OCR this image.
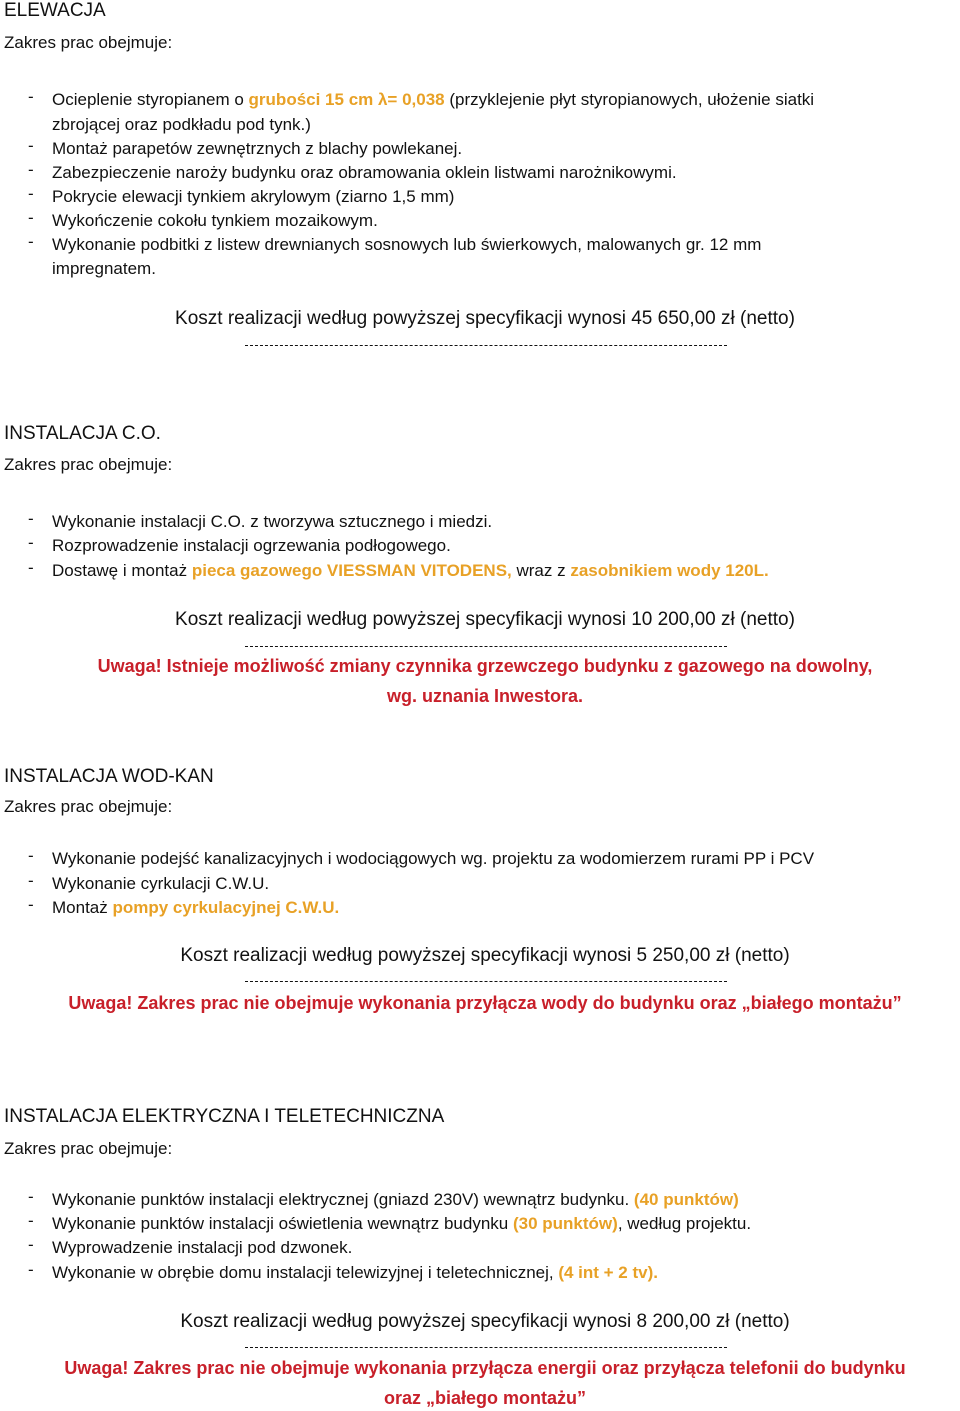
ELEWACJA
Zakres prac obejmuje:
- Ocieplenie styropianem o grubości 15 cm λ= 0,038 (przyklejenie płyt styropianowych, ułożenie siatki
zbrojącej oraz podkładu pod tynk.)
- Montaż parapetów zewnętrznych z blachy powlekanej.
- Zabezpieczenie naroży budynku oraz obramowania oklein listwami narożnikowymi.
- Pokrycie elewacji tynkiem akrylowym (ziarno 1,5 mm)
- Wykończenie cokołu tynkiem mozaikowym.
- Wykonanie podbitki z listew drewnianych sosnowych lub świerkowych, malowanych gr. 12 mm
impregnatem.
Koszt realizacji według powyższej specyfikacji wynosi 45 650,00 zł (netto)
INSTALACJA C.O.
Zakres prac obejmuje:
- Wykonanie instalacji C.O. z tworzywa sztucznego i miedzi.
- Rozprowadzenie instalacji ogrzewania podłogowego.
- Dostawę i montaż pieca gazowego VIESSMAN VITODENS, wraz z zasobnikiem wody 120L.
Koszt realizacji według powyższej specyfikacji wynosi 10 200,00 zł (netto)
Uwaga! Istnieje możliwość zmiany czynnika grzewczego budynku z gazowego na dowolny,
wg. uznania Inwestora.
INSTALACJA WOD-KAN
Zakres prac obejmuje:
- Wykonanie podejść kanalizacyjnych i wodociągowych wg. projektu za wodomierzem rurami PP i PCV
- Wykonanie cyrkulacji C.W.U.
- Montaż pompy cyrkulacyjnej C.W.U.
Koszt realizacji według powyższej specyfikacji wynosi 5 250,00 zł (netto)
Uwaga! Zakres prac nie obejmuje wykonania przyłącza wody do budynku oraz „białego montażu”
INSTALACJA ELEKTRYCZNA I TELETECHNICZNA
Zakres prac obejmuje:
- Wykonanie punktów instalacji elektrycznej (gniazd 230V) wewnątrz budynku. (40 punktów)
- Wykonanie punktów instalacji oświetlenia wewnątrz budynku (30 punktów), według projektu.
- Wyprowadzenie instalacji pod dzwonek.
- Wykonanie w obrębie domu instalacji telewizyjnej i teletechnicznej, (4 int + 2 tv).
Koszt realizacji według powyższej specyfikacji wynosi 8 200,00 zł (netto)
Uwaga! Zakres prac nie obejmuje wykonania przyłącza energii oraz przyłącza telefonii do budynku
oraz „białego montażu”
